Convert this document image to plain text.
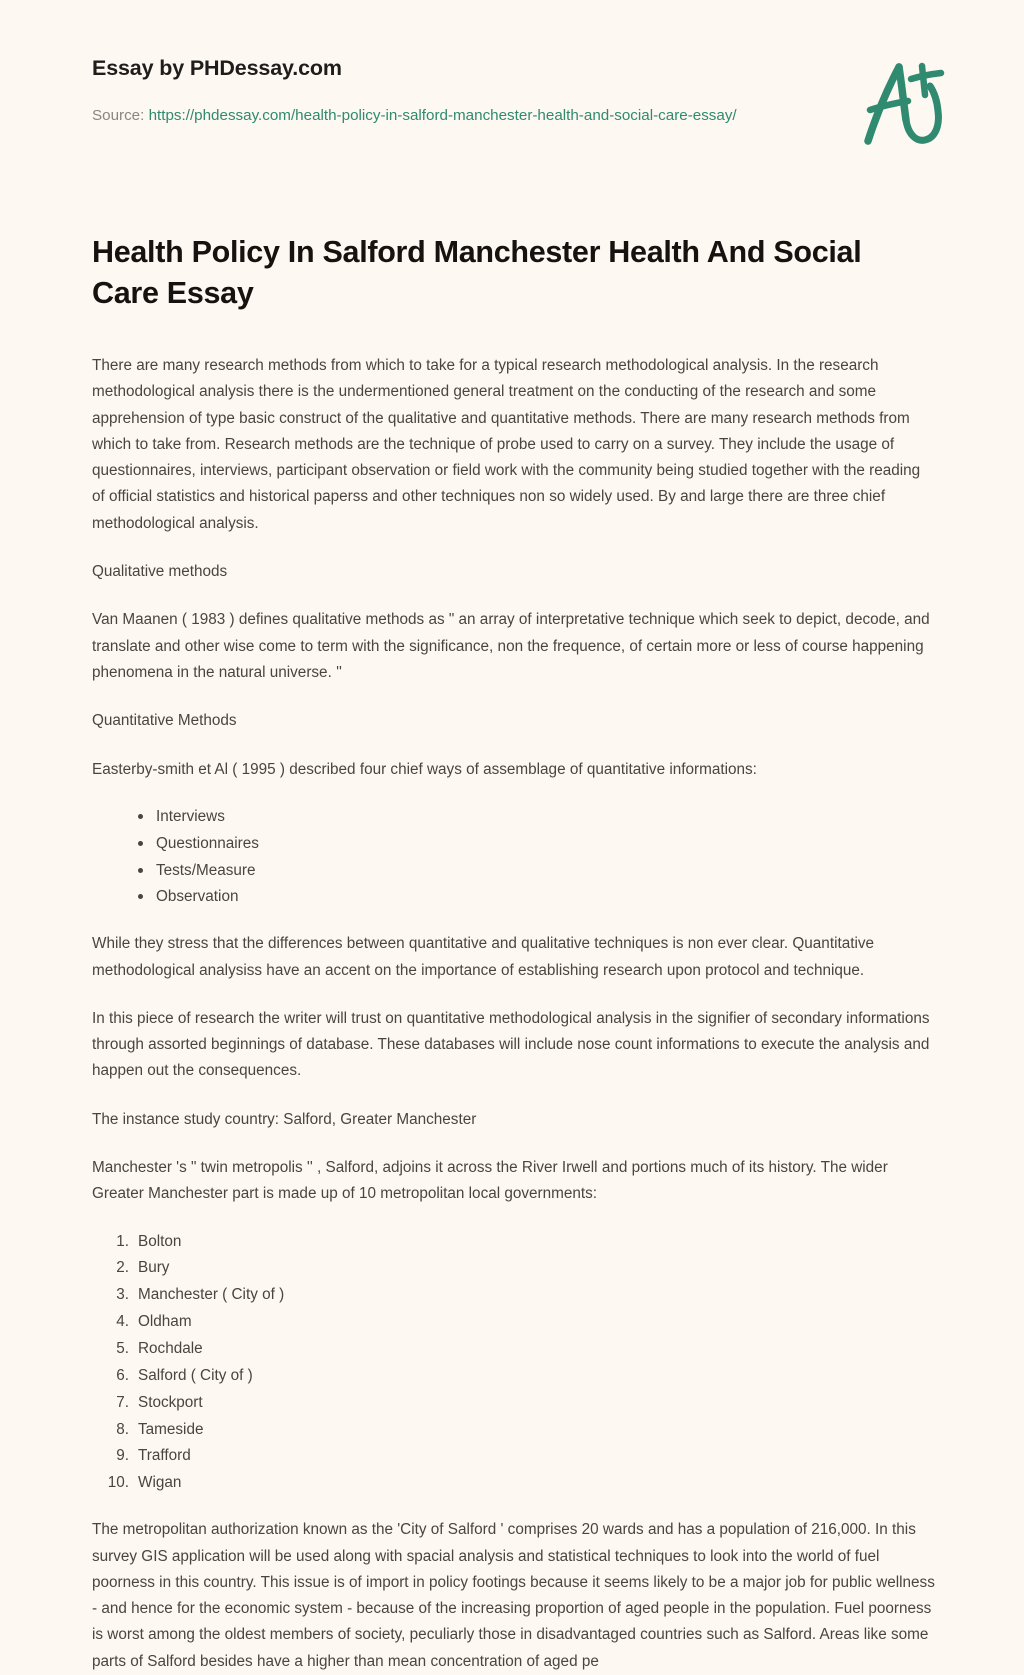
Essay by PHDessay.com
Source: https://phdessay.com/health-policy-in-salford-manchester-health-and-social-care-essay/
Health Policy In Salford Manchester Health And Social Care Essay

There are many research methods from which to take for a typical research methodological analysis. In the research methodological analysis there is the undermentioned general treatment on the conducting of the research and some apprehension of type basic construct of the qualitative and quantitative methods. There are many research methods from which to take from. Research methods are the technique of probe used to carry on a survey. They include the usage of questionnaires, interviews, participant observation or field work with the community being studied together with the reading of official statistics and historical paperss and other techniques non so widely used. By and large there are three chief methodological analysis.

Qualitative methods

Van Maanen ( 1983 ) defines qualitative methods as " an array of interpretative technique which seek to depict, decode, and translate and other wise come to term with the significance, non the frequence, of certain more or less of course happening phenomena in the natural universe. ''

Quantitative Methods

Easterby-smith et Al ( 1995 ) described four chief ways of assemblage of quantitative informations:

Interviews
Questionnaires
Tests/Measure
Observation

While they stress that the differences between quantitative and qualitative techniques is non ever clear. Quantitative methodological analysiss have an accent on the importance of establishing research upon protocol and technique.

In this piece of research the writer will trust on quantitative methodological analysis in the signifier of secondary informations through assorted beginnings of database. These databases will include nose count informations to execute the analysis and happen out the consequences.

The instance study country: Salford, Greater Manchester

Manchester 's " twin metropolis '' , Salford, adjoins it across the River Irwell and portions much of its history. The wider Greater Manchester part is made up of 10 metropolitan local governments:

1. Bolton
2. Bury
3. Manchester ( City of )
4. Oldham
5. Rochdale
6. Salford ( City of )
7. Stockport
8. Tameside
9. Trafford
10. Wigan

The metropolitan authorization known as the 'City of Salford ' comprises 20 wards and has a population of 216,000. In this survey GIS application will be used along with spacial analysis and statistical techniques to look into the world of fuel poorness in this country. This issue is of import in policy footings because it seems likely to be a major job for public wellness - and hence for the economic system - because of the increasing proportion of aged people in the population. Fuel poorness is worst among the oldest members of society, peculiarly those in disadvantaged countries such as Salford. Areas like some parts of Salford besides have a higher than mean concentration of aged pe
